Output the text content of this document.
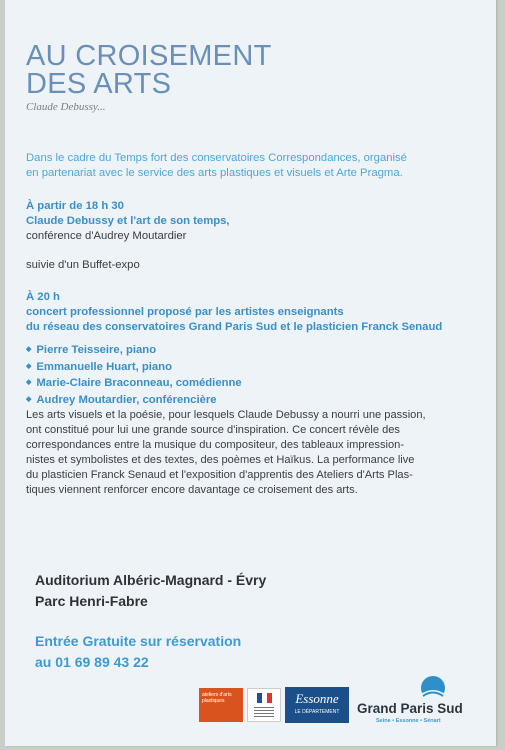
AU CROISEMENT
DES ARTS
Claude Debussy...
Dans le cadre du Temps fort des conservatoires Correspondances, organisé
en partenariat avec le service des arts plastiques et visuels et Arte Pragma.
À partir de 18 h 30
Claude Debussy et l'art de son temps,
conférence d'Audrey Moutardier
suivie d'un Buffet-expo
À 20 h
concert professionnel proposé par les artistes enseignants
du réseau des conservatoires Grand Paris Sud et le plasticien Franck Senaud
◆ Pierre Teisseire, piano
◆ Emmanuelle Huart, piano
◆ Marie-Claire Braconneau, comédienne
◆ Audrey Moutardier, conférencière
Les arts visuels et la poésie, pour lesquels Claude Debussy a nourri une passion,
ont constitué pour lui une grande source d'inspiration. Ce concert révèle des
correspondances entre la musique du compositeur, des tableaux impression-
nistes et symbolistes et des textes, des poèmes et Haïkus. La performance live
du plasticien Franck Senaud et l'exposition d'apprentis des Ateliers d'Arts Plas-
tiques viennent renforcer encore davantage ce croisement des arts.
Auditorium Albéric-Magnard - Évry
Parc Henri-Fabre
Entrée Gratuite sur réservation
au 01 69 89 43 22
ateliers d'arts plastiques	Essonne
LE DÉPARTEMENT	Grand Paris Sud
Seine • Essonne • Sénart
